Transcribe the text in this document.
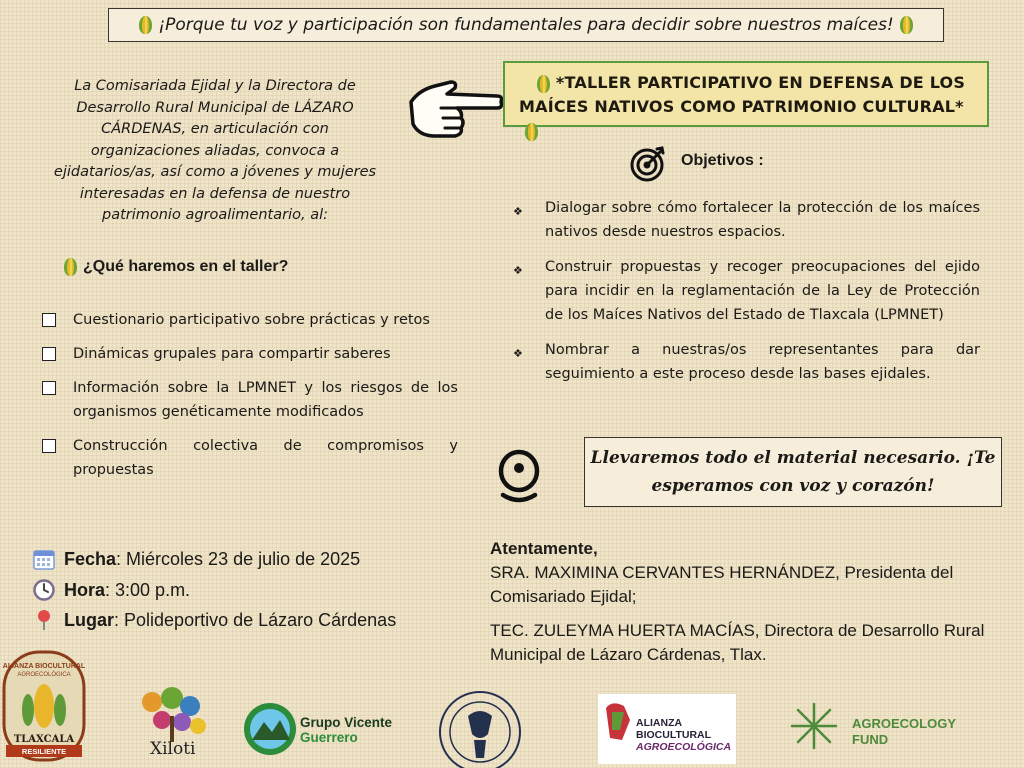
¡Porque tu voz y participación son fundamentales para decidir sobre nuestros maíces!
La Comisariada Ejidal y la Directora de Desarrollo Rural Municipal de LÁZARO CÁRDENAS, en articulación con organizaciones aliadas, convoca a ejidatarios/as, así como a jóvenes y mujeres interesadas en la defensa de nuestro patrimonio agroalimentario, al:
*TALLER PARTICIPATIVO EN DEFENSA DE LOS
MAÍCES NATIVOS COMO PATRIMONIO CULTURAL*
¿Qué haremos en el taller?
Cuestionario participativo sobre prácticas y retos
Dinámicas grupales para compartir saberes
Información sobre la LPMNET y los riesgos de los organismos genéticamente modificados
Construcción colectiva de compromisos y propuestas
Objetivos :
❖ Dialogar sobre cómo fortalecer la protección de los maíces nativos desde nuestros espacios.
❖ Construir propuestas y recoger preocupaciones del ejido para incidir en la reglamentación de la Ley de Protección de los Maíces Nativos del Estado de Tlaxcala (LPMNET)
❖ Nombrar a nuestras/os representantes para dar seguimiento a este proceso desde las bases ejidales.
Llevaremos todo el material necesario. ¡Te esperamos con voz y corazón!
Fecha : Miércoles 23 de julio de 2025
Hora : 3:00 p.m.
Lugar : Polideportivo de Lázaro Cárdenas

Atentamente,

SRA. MAXIMINA CERVANTES HERNÁNDEZ, Presidenta del Comisariado Ejidal;

TEC. ZULEYMA HUERTA MACÍAS, Directora de Desarrollo Rural Municipal de Lázaro Cárdenas, Tlax.

ALIANZA BIOCULTURAL
AGROECOLÓGICA
TLAXCALA
RESILIENTE	Xiloti
Grupo Vicente
Guerrero
ALIANZA
BIOCULTURAL
AGROECOLÓGICA
AGROECOLOGY
FUND
